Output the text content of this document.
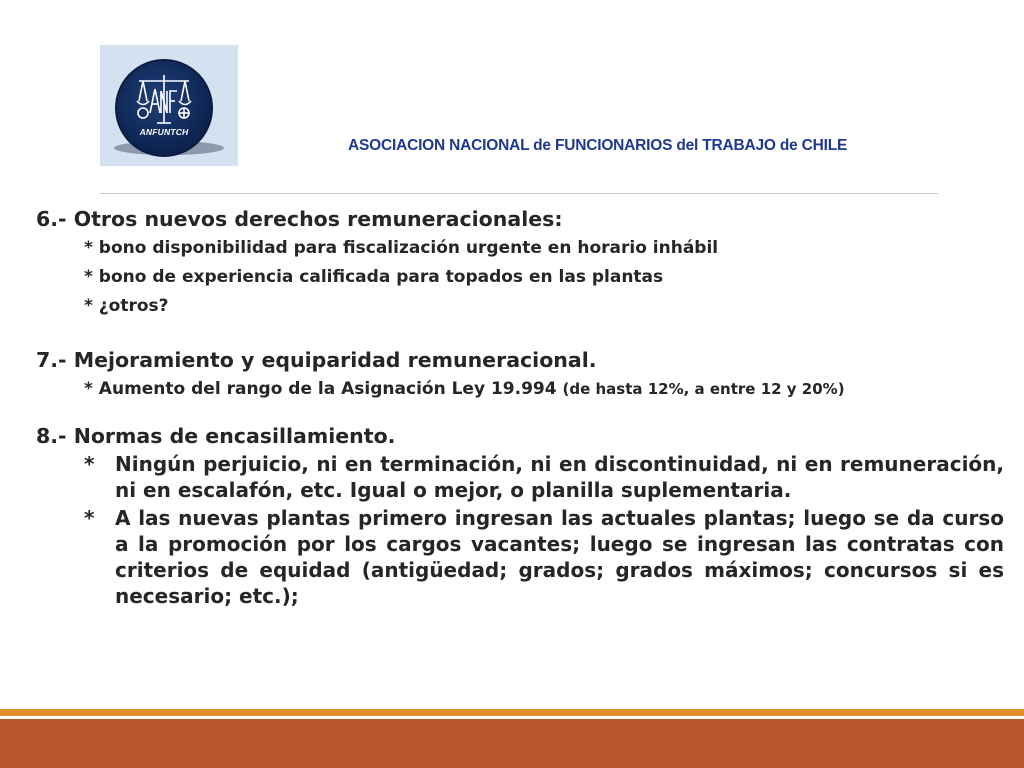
ANFUNTCH
ASOCIACION NACIONAL de FUNCIONARIOS del TRABAJO de CHILE

6.- Otros nuevos derechos remuneracionales:

* bono disponibilidad para fiscalización urgente en horario inhábil

* bono de experiencia calificada para topados en las plantas

* ¿otros?

7.- Mejoramiento y equiparidad remuneracional.

* Aumento del rango de la Asignación Ley 19.994 (de hasta 12%, a entre 12 y 20%)

8.- Normas de encasillamiento.

* Ningún perjuicio, ni en terminación, ni en discontinuidad, ni en remuneración, ni en escalafón, etc. Igual o mejor, o planilla suplementaria.

* A las nuevas plantas primero ingresan las actuales plantas; luego se da curso a la promoción por los cargos vacantes; luego se ingresan las contratas con criterios de equidad (antigüedad; grados; grados máximos; concursos si es necesario; etc.);
